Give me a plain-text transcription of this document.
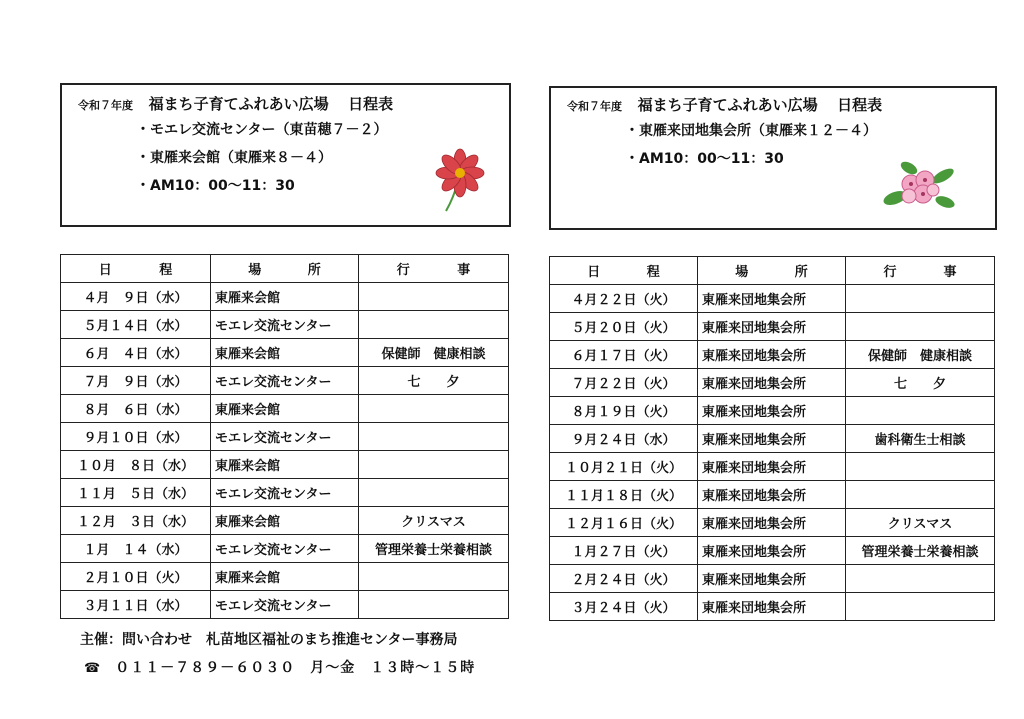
令和７年度 福まち子育てふれあい広場 日程表
・モエレ交流センター（東苗穂７－２）
・東雁来会館（東雁来８－４）
・AM10：00～11：30
令和７年度 福まち子育てふれあい広場 日程表
・東雁来団地集会所（東雁来１２－４）
・AM10：00～11：30
日 程	場 所	行 事

４月　９日（水）	東雁来会館	
５月１４日（水）	モエレ交流センター	
６月　４日（水）	東雁来会館	保健師　健康相談
７月　９日（水）	モエレ交流センター	七　　夕
８月　６日（水）	東雁来会館	
９月１０日（水）	モエレ交流センター	
１０月　８日（水）	東雁来会館	
１１月　５日（水）	モエレ交流センター	
１２月　３日（水）	東雁来会館	クリスマス
１月　１４（水）	モエレ交流センター	管理栄養士栄養相談
２月１０日（火）	東雁来会館	
３月１１日（水）	モエレ交流センター	
日 程	場 所	行 事

４月２２日（火）	東雁来団地集会所	
５月２０日（火）	東雁来団地集会所	
６月１７日（火）	東雁来団地集会所	保健師　健康相談
７月２２日（火）	東雁来団地集会所	七　　夕
８月１９日（火）	東雁来団地集会所	
９月２４日（水）	東雁来団地集会所	歯科衛生士相談
１０月２１日（火）	東雁来団地集会所	
１１月１８日（火）	東雁来団地集会所	
１２月１６日（火）	東雁来団地集会所	クリスマス
１月２７日（火）	東雁来団地集会所	管理栄養士栄養相談
２月２４日（火）	東雁来団地集会所	
３月２４日（火）	東雁来団地集会所	
主催：問い合わせ　札苗地区福祉のまち推進センター事務局
☎ ０１１－７８９－６０３０　月～金　１３時～１５時
